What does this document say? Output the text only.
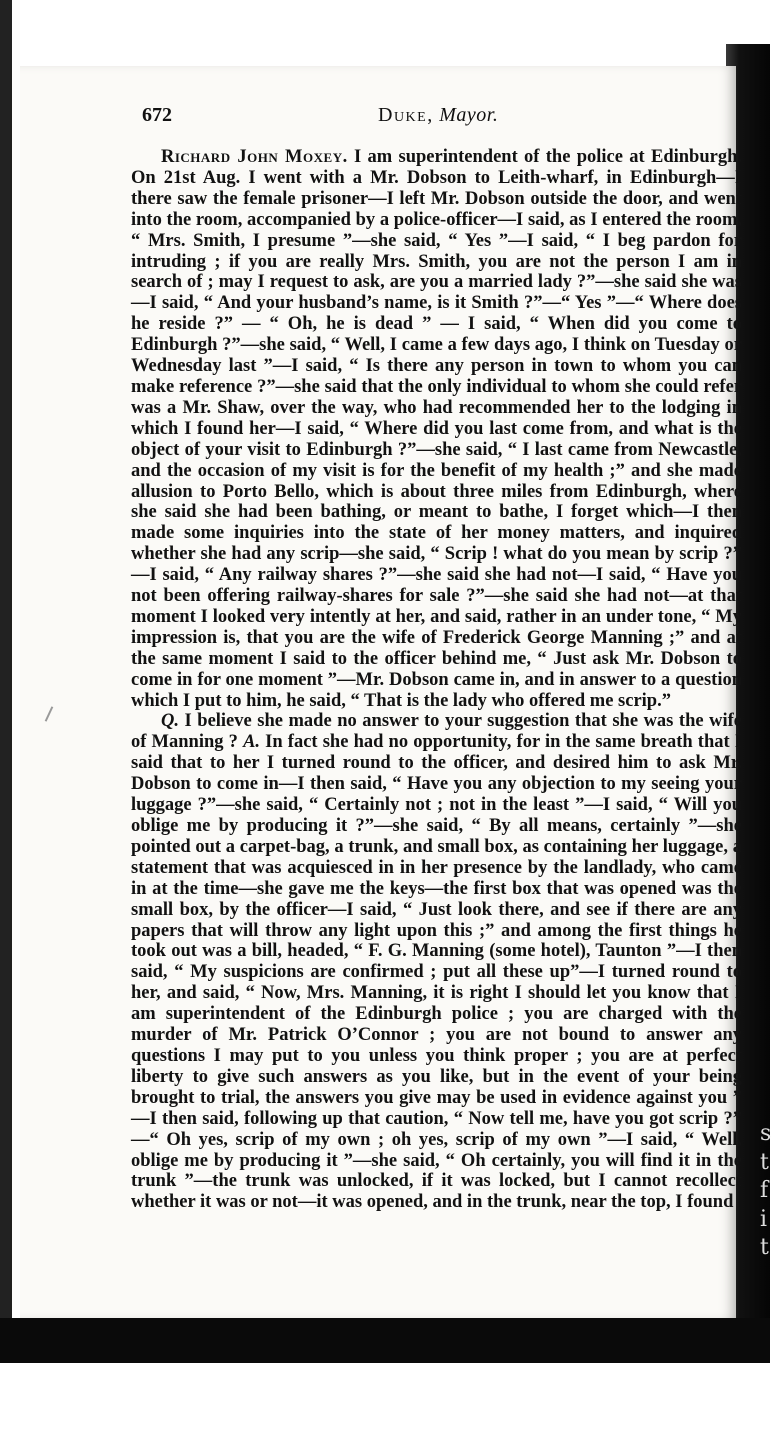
s
t
f
i
t
672	Duke, Mayor.

Richard John Moxey. I am superintendent of the police at Edinburgh. On 21st Aug. I went with a Mr. Dobson to Leith-wharf, in Edinburgh—I there saw the female prisoner—I left Mr. Dobson outside the door, and went into the room, accompanied by a police-officer—I said, as I entered the room, “ Mrs. Smith, I presume ”—she said, “ Yes ”—I said, “ I beg pardon for intruding ; if you are really Mrs. Smith, you are not the person I am in search of ; may I request to ask, are you a married lady ?”—she said she was —I said, “ And your husband’s name, is it Smith ?”—“ Yes ”—“ Where does he reside ?” — “ Oh, he is dead ” — I said, “ When did you come to Edinburgh ?”—she said, “ Well, I came a few days ago, I think on Tuesday or Wednesday last ”—I said, “ Is there any person in town to whom you can make reference ?”—she said that the only individual to whom she could refer was a Mr. Shaw, over the way, who had recommended her to the lodging in which I found her—I said, “ Where did you last come from, and what is the object of your visit to Edinburgh ?”—she said, “ I last came from Newcastle, and the occasion of my visit is for the benefit of my health ;” and she made allusion to Porto Bello, which is about three miles from Edinburgh, where she said she had been bathing, or meant to bathe, I forget which—I then made some inquiries into the state of her money matters, and inquired whether she had any scrip—she said, “ Scrip ! what do you mean by scrip ?” —I said, “ Any railway shares ?”—she said she had not—I said, “ Have you not been offering railway-shares for sale ?”—she said she had not—at that moment I looked very intently at her, and said, rather in an under tone, “ My impression is, that you are the wife of Frederick George Manning ;” and at the same moment I said to the officer behind me, “ Just ask Mr. Dobson to come in for one moment ”—Mr. Dobson came in, and in answer to a question which I put to him, he said, “ That is the lady who offered me scrip.”

Q. I believe she made no answer to your suggestion that she was the wife of Manning ? A. In fact she had no opportunity, for in the same breath that I said that to her I turned round to the officer, and desired him to ask Mr. Dobson to come in—I then said, “ Have you any objection to my seeing your luggage ?”—she said, “ Certainly not ; not in the least ”—I said, “ Will you oblige me by producing it ?”—she said, “ By all means, certainly ”—she pointed out a carpet-bag, a trunk, and small box, as containing her luggage, a statement that was acquiesced in in her presence by the landlady, who came in at the time—she gave me the keys—the first box that was opened was the small box, by the officer—I said, “ Just look there, and see if there are any papers that will throw any light upon this ;” and among the first things he took out was a bill, headed, “ F. G. Manning (some hotel), Taunton ”—I then said, “ My suspicions are confirmed ; put all these up”—I turned round to her, and said, “ Now, Mrs. Manning, it is right I should let you know that I am superintendent of the Edinburgh police ; you are charged with the murder of Mr. Patrick O’Connor ; you are not bound to answer any questions I may put to you unless you think proper ; you are at perfect liberty to give such answers as you like, but in the event of your being brought to trial, the answers you give may be used in evidence against you ” —I then said, following up that caution, “ Now tell me, have you got scrip ?” —“ Oh yes, scrip of my own ; oh yes, scrip of my own ”—I said, “ Well, oblige me by producing it ”—she said, “ Oh certainly, you will find it in the trunk ”—the trunk was unlocked, if it was locked, but I cannot recollect whether it was or not—it was opened, and in the trunk, near the top, I found
